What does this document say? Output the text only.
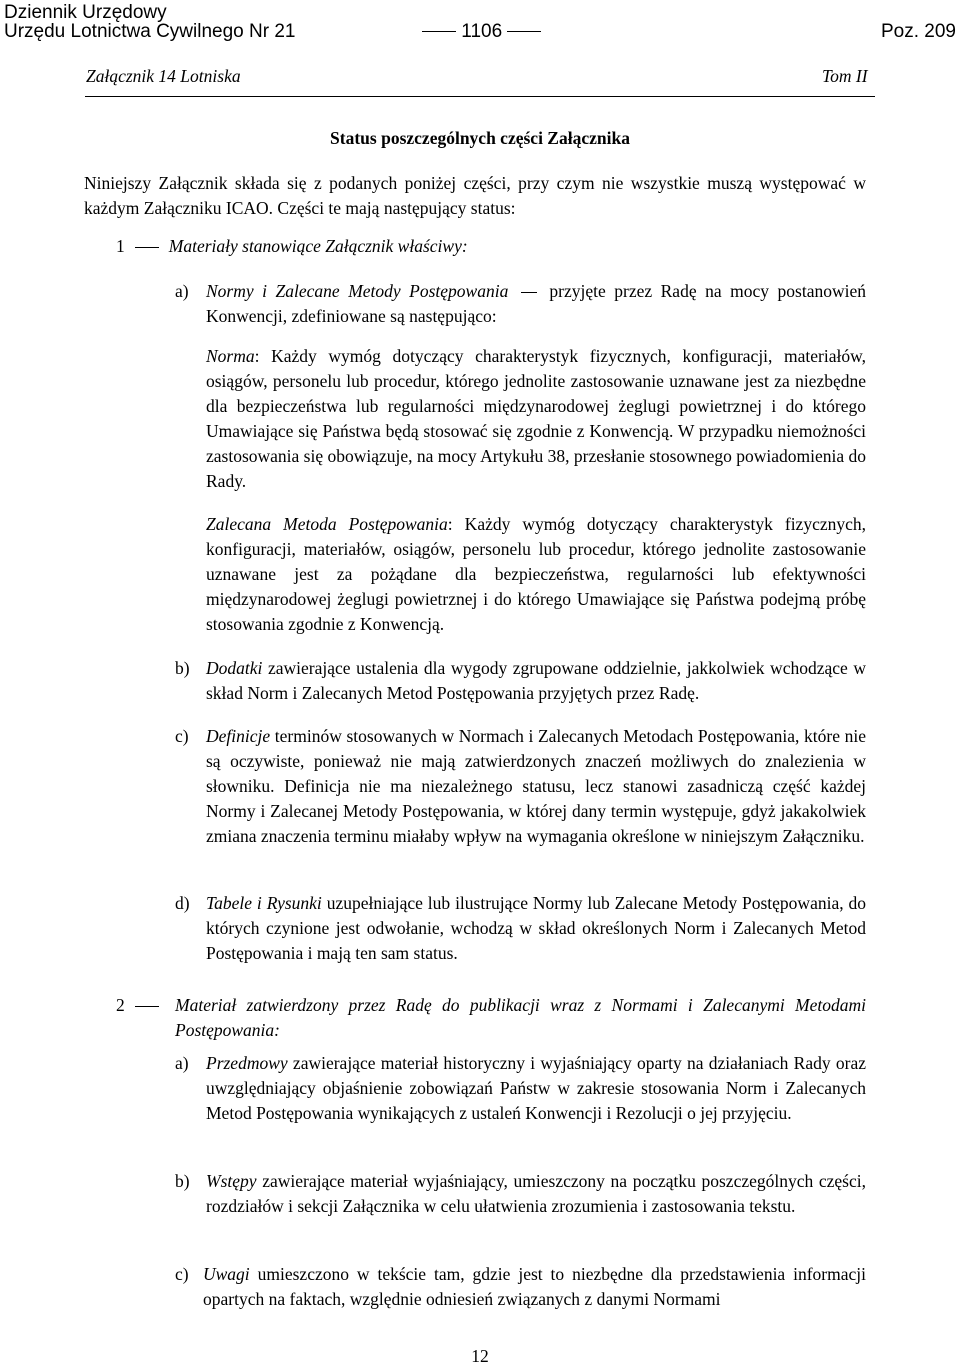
Dziennik Urzędowy
Urzędu Lotnictwa Cywilnego Nr 21	1106	Poz. 209
Załącznik 14 Lotniska	Tom II
Status poszczególnych części Załącznika

Niniejszy Załącznik składa się z podanych poniżej części, przy czym nie wszystkie muszą występować w każdym Załączniku ICAO. Części te mają następujący status:

1	Materiały stanowiące Załącznik właściwy:
a) Normy i Zalecane Metody Postępowania przyjęte przez Radę na mocy postanowień Konwencji, zdefiniowane są następująco:

Norma: Każdy wymóg dotyczący charakterystyk fizycznych, konfiguracji, materiałów, osiągów, personelu lub procedur, którego jednolite zastosowanie uznawane jest za niezbędne dla bezpieczeństwa lub regularności międzynarodowej żeglugi powietrznej i do którego Umawiające się Państwa będą stosować się zgodnie z Konwencją. W przypadku niemożności zastosowania się obowiązuje, na mocy Artykułu 38, przesłanie stosownego powiadomienia do Rady.

Zalecana Metoda Postępowania: Każdy wymóg dotyczący charakterystyk fizycznych, konfiguracji, materiałów, osiągów, personelu lub procedur, którego jednolite zastosowanie uznawane jest za pożądane dla bezpieczeństwa, regularności lub efektywności międzynarodowej żeglugi powietrznej i do którego Umawiające się Państwa podejmą próbę stosowania zgodnie z Konwencją.

b) Dodatki zawierające ustalenia dla wygody zgrupowane oddzielnie, jakkolwiek wchodzące w skład Norm i Zalecanych Metod Postępowania przyjętych przez Radę.

c) Definicje terminów stosowanych w Normach i Zalecanych Metodach Postępowania, które nie są oczywiste, ponieważ nie mają zatwierdzonych znaczeń możliwych do znalezienia w słowniku. Definicja nie ma niezależnego statusu, lecz stanowi zasadniczą część każdej Normy i Zalecanej Metody Postępowania, w której dany termin występuje, gdyż jakakolwiek zmiana znaczenia terminu miałaby wpływ na wymagania określone w niniejszym Załączniku.

d) Tabele i Rysunki uzupełniające lub ilustrujące Normy lub Zalecane Metody Postępowania, do których czynione jest odwołanie, wchodzą w skład określonych Norm i Zalecanych Metod Postępowania i mają ten sam status.

2	Materiał zatwierdzony przez Radę do publikacji wraz z Normami i Zalecanymi Metodami Postępowania:

a) Przedmowy zawierające materiał historyczny i wyjaśniający oparty na działaniach Rady oraz uwzględniający objaśnienie zobowiązań Państw w zakresie stosowania Norm i Zalecanych Metod Postępowania wynikających z ustaleń Konwencji i Rezolucji o jej przyjęciu.

b) Wstępy zawierające materiał wyjaśniający, umieszczony na początku poszczególnych części, rozdziałów i sekcji Załącznika w celu ułatwienia zrozumienia i zastosowania tekstu.

c) Uwagi umieszczono w tekście tam, gdzie jest to niezbędne dla przedstawienia informacji opartych na faktach, względnie odniesień związanych z danymi Normami

12
